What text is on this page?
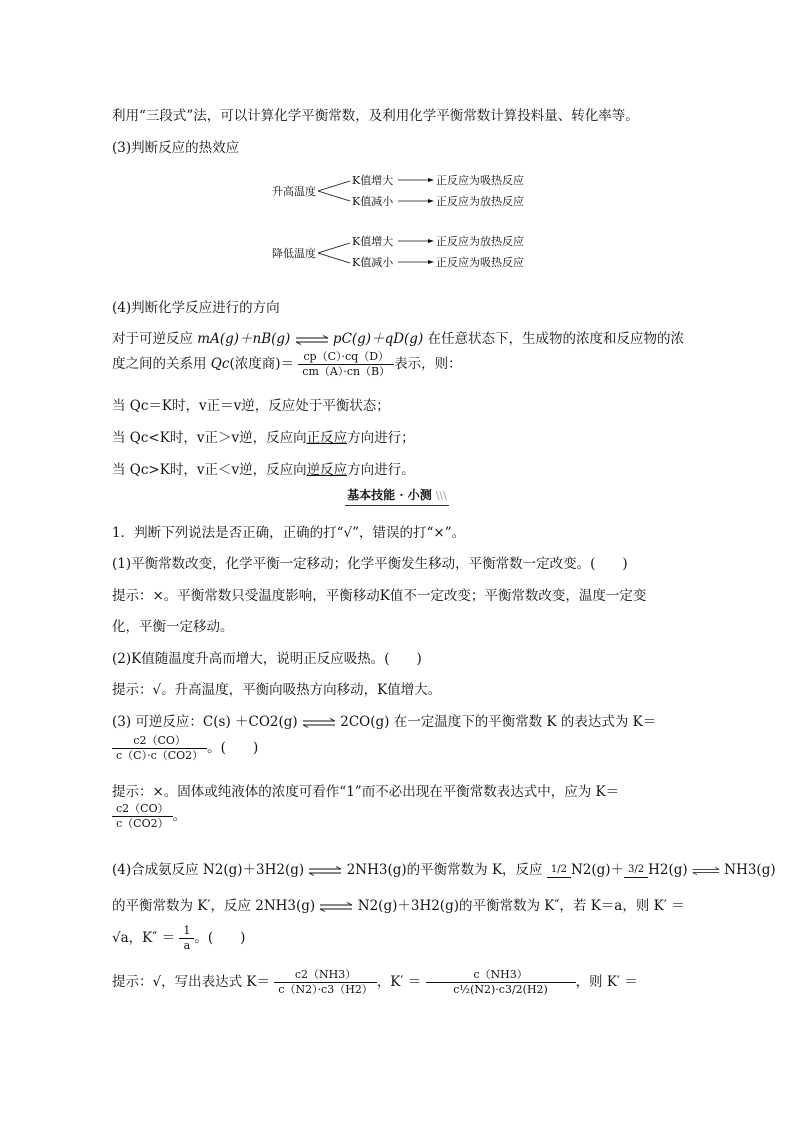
利用“三段式”法，可以计算化学平衡常数，及利用化学平衡常数计算投料量、转化率等。
(3)判断反应的热效应
升高温度
K值增大
K值减小
正反应为吸热反应
正反应为放热反应
降低温度
K值增大
K值减小
正反应为放热反应
正反应为吸热反应
(4)判断化学反应进行的方向
对于可逆反应 mA(g)＋nB(g) ⇌ pC(g)＋qD(g) 在任意状态下，生成物的浓度和反应物的浓
度之间的关系用 Qc(浓度商)＝ $\frac{cp(C)\cdot cq(D)}{cm(A)\cdot cn(B)}$ 表示，则：
当 Qc＝K时，v正＝v逆，反应处于平衡状态；
当 Qc<K时，v正＞v逆，反应向正反应方向进行；
当 Qc>K时，v正＜v逆，反应向逆反应方向进行。
基本技能 · 小测 \\\
1．判断下列说法是否正确，正确的打“√”，错误的打“×”。
(1)平衡常数改变，化学平衡一定移动；化学平衡发生移动，平衡常数一定改变。(　　)
提示：×。平衡常数只受温度影响，平衡移动K值不一定改变；平衡常数改变，温度一定变
化，平衡一定移动。
(2)K值随温度升高而增大，说明正反应吸热。(　　)
提示：√。升高温度，平衡向吸热方向移动，K值增大。
(3) 可逆反应：C(s) ＋CO2(g) ⇌ 2CO(g) 在一定温度下的平衡常数 K 的表达式为 K＝
$\frac{c2(CO)}{c(C)\cdot c(CO2)}$ 。(　　)
提示：×。固体或纯液体的浓度可看作“1”而不必出现在平衡常数表达式中，应为 K＝
$\frac{c2(CO)}{c(CO2)}$ 。
(4)合成氨反应 N2(g)＋3H2(g) ⇌ 2NH3(g)的平衡常数为 K，反应 1/2 N2(g)＋ 3/2 H2(g) ⇌ NH3(g)
的平衡常数为 K′，反应 2NH3(g) ⇌ N2(g)＋3H2(g)的平衡常数为 K″，若 K＝a，则 K′ ＝
√a，$K'' = \frac{1}{a}$ 。(　　)
提示：√，写出表达式 $K= \frac{c2(NH3)}{c(N2)\cdot c3(H2)}$ ，$K' = \frac{c(NH3)}{\text{c½(N2)·c3/2(H2)}}$ ，则 K′ ＝
